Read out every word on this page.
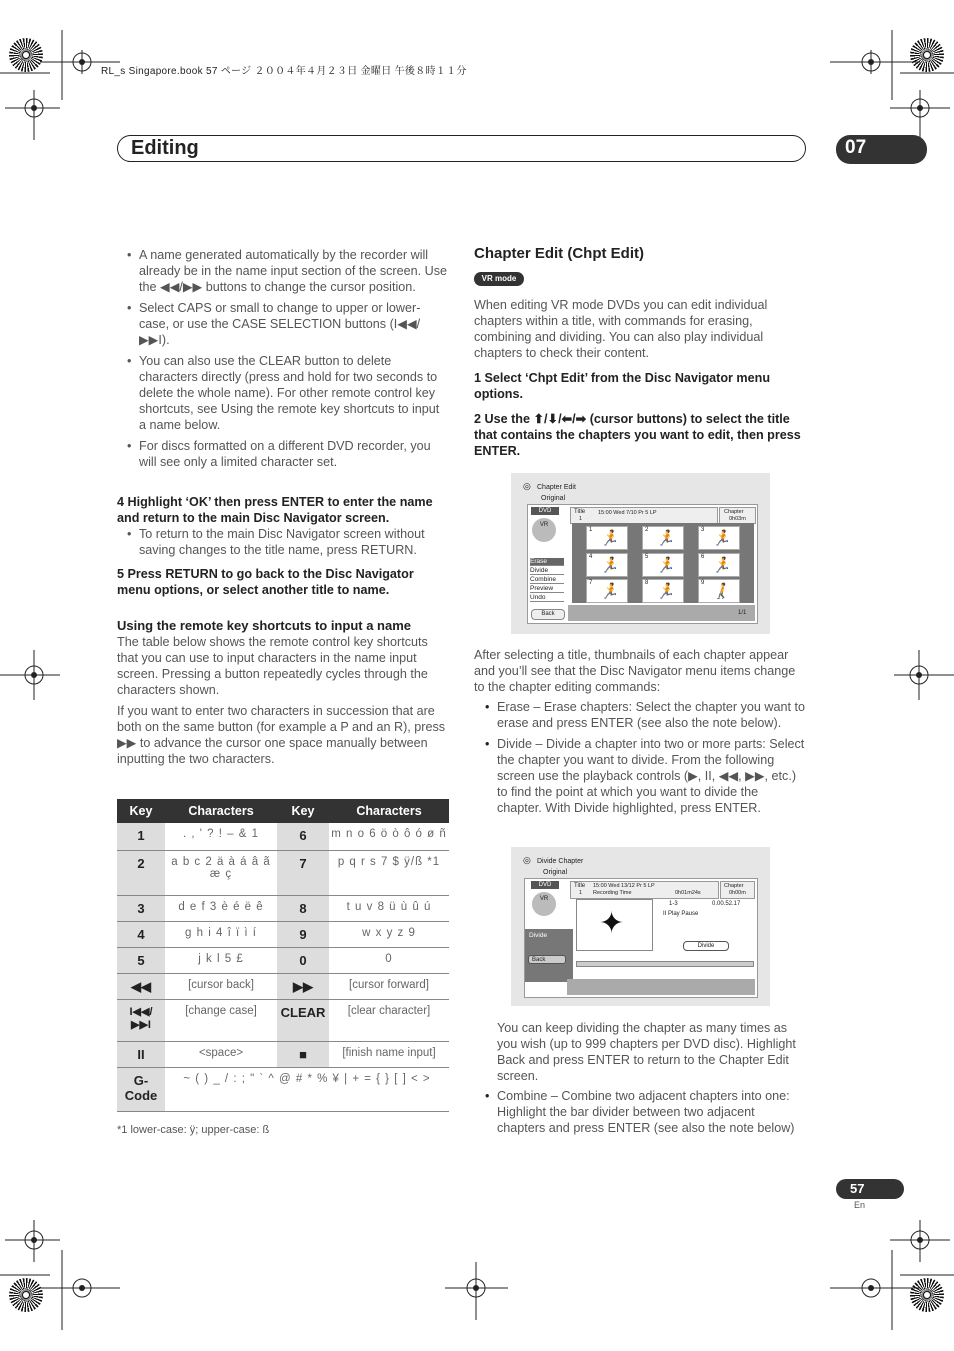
RL_s Singapore.book 57 ページ ２００４年４月２３日 金曜日 午後８時１１分
Editing	07

• A name generated automatically by the recorder will already be in the name input section of the screen. Use the ◀◀/▶▶ buttons to change the cursor position.

• Select CAPS or small to change to upper or lower-case, or use the CASE SELECTION buttons (I◀◀/▶▶I).

• You can also use the CLEAR button to delete characters directly (press and hold for two seconds to delete the whole name). For other remote control key shortcuts, see Using the remote key shortcuts to input a name below.

• For discs formatted on a different DVD recorder, you will see only a limited character set.

4 Highlight ‘OK’ then press ENTER to enter the name and return to the main Disc Navigator screen.

• To return to the main Disc Navigator screen without saving changes to the title name, press RETURN.

5 Press RETURN to go back to the Disc Navigator menu options, or select another title to name.

Using the remote key shortcuts to input a name

The table below shows the remote control key shortcuts that you can use to input characters in the name input screen. Pressing a button repeatedly cycles through the characters shown.

If you want to enter two characters in succession that are both on the same button (for example a P and an R), press ▶▶ to advance the cursor one space manually between inputting the two characters.

Key	Characters	Key	Characters
1	. , ' ? ! – & 1	6	m n o 6 ö ò ô ó ø ñ
2	a b c 2 ä à á â ã æ ç	7	p q r s 7 $ ÿ/ß *1
3	d e f 3 è é ë ê	8	t u v 8 ü ù û ú
4	g h i 4 î ï ì í	9	w x y z 9
5	j k l 5 £	0	0
◀◀	[cursor back]	▶▶	[cursor forward]
I◀◀/ ▶▶I	[change case]	CLEAR	[clear character]
II	<space>	■	[finish name input]
G-Code	~ ( ) _ / : ; " ` ^ @ # * % ¥ | + = { } [ ] < >		
*1 lower-case: ÿ; upper-case: ß
Chapter Edit (Chpt Edit)
VR mode

When editing VR mode DVDs you can edit individual chapters within a title, with commands for erasing, combining and dividing. You can also play individual chapters to check their content.

1 Select ‘Chpt Edit’ from the Disc Navigator menu options.

2 Use the ⬆/⬇/⬅/➡ (cursor buttons) to select the title that contains the chapters you want to edit, then press ENTER.

◎ Chapter Edit
Original
DVD
VR
Title
1
15:00 Wed 7/10 Pr 5 LP	Chapter
0h03m
Erase
Divide
Combine
Preview
Undo
Back
1 🏃	2 🏃	3 🏃
4 🏃	5 🏃	6 🏃
7 🏃	8 🏃	9 🚶
1/1

After selecting a title, thumbnails of each chapter appear and you’ll see that the Disc Navigator menu items change to the chapter editing commands:

• Erase – Erase chapters: Select the chapter you want to erase and press ENTER (see also the note below).

• Divide – Divide a chapter into two or more parts: Select the chapter you want to divide. From the following screen use the playback controls (▶, II, ◀◀, ▶▶, etc.) to find the point at which you want to divide the chapter. With Divide highlighted, press ENTER.

◎ Divide Chapter
Original
DVD
VR
Title
1
15:00 Wed 13/12 Pr 5 LP
Recording Time	0h01m24s
Chapter
0h00m
Divide
Back
✦
1-3	0.00.52.17
II Play Pause
Divide

You can keep dividing the chapter as many times as you wish (up to 999 chapters per DVD disc). Highlight Back and press ENTER to return to the Chapter Edit screen.

• Combine – Combine two adjacent chapters into one: Highlight the bar divider between two adjacent chapters and press ENTER (see also the note below)

57
En
